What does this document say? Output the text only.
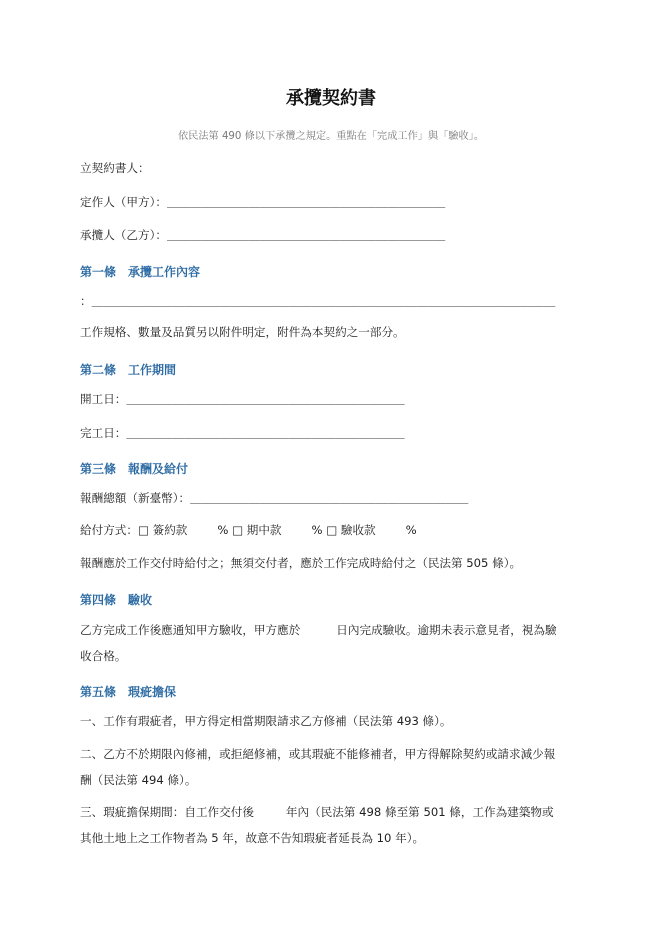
承攬契約書
依民法第 490 條以下承攬之規定。重點在「完成工作」與「驗收」。
立契約書人：
定作人（甲方）：＿＿＿＿＿＿＿＿＿＿＿＿＿＿＿＿＿＿＿＿＿＿＿＿
承攬人（乙方）：＿＿＿＿＿＿＿＿＿＿＿＿＿＿＿＿＿＿＿＿＿＿＿＿
第一條　承攬工作內容
：＿＿＿＿＿＿＿＿＿＿＿＿＿＿＿＿＿＿＿＿＿＿＿＿＿＿＿＿＿＿＿＿＿＿＿＿＿＿＿＿
工作規格、數量及品質另以附件明定，附件為本契約之一部分。
第二條　工作期間
開工日：＿＿＿＿＿＿＿＿＿＿＿＿＿＿＿＿＿＿＿＿＿＿＿＿
完工日：＿＿＿＿＿＿＿＿＿＿＿＿＿＿＿＿＿＿＿＿＿＿＿＿
第三條　報酬及給付
報酬總額（新臺幣）：＿＿＿＿＿＿＿＿＿＿＿＿＿＿＿＿＿＿＿＿＿＿＿＿
給付方式：□ 簽約款	% □ 期中款	% □ 驗收款	%
報酬應於工作交付時給付之；無須交付者，應於工作完成時給付之（民法第 505 條）。
第四條　驗收
乙方完成工作後應通知甲方驗收，甲方應於	日內完成驗收。逾期未表示意見者，視為驗
收合格。
第五條　瑕疵擔保
一、工作有瑕疵者，甲方得定相當期限請求乙方修補（民法第 493 條）。
二、乙方不於期限內修補，或拒絕修補，或其瑕疵不能修補者，甲方得解除契約或請求減少報
酬（民法第 494 條）。
三、瑕疵擔保期間：自工作交付後	年內（民法第 498 條至第 501 條，工作為建築物或
其他土地上之工作物者為 5 年，故意不告知瑕疵者延長為 10 年）。
